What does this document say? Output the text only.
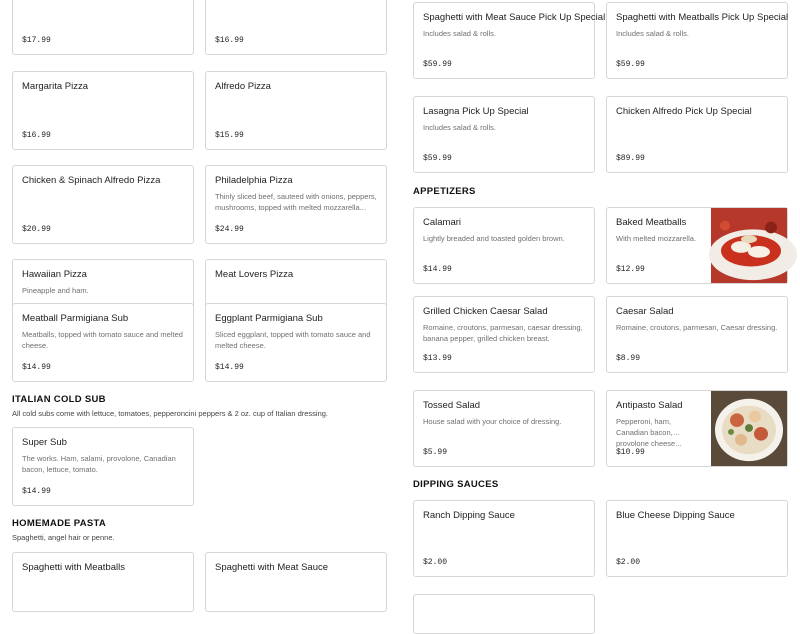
$17.99	$16.99
Margarita Pizza
$16.99
Alfredo Pizza
$15.99
Chicken & Spinach Alfredo Pizza
$20.99
Philadelphia Pizza
Thinly sliced beef, sauteed with onions, peppers, mushrooms, topped with melted mozzarella...
$24.99
Hawaiian Pizza
Pineapple and ham.
Meat Lovers Pizza
Meatball Parmigiana Sub
Meatballs, topped with tomato sauce and melted cheese.
$14.99
Eggplant Parmigiana Sub
Sliced eggplant, topped with tomato sauce and melted cheese.
$14.99
ITALIAN COLD SUB
All cold subs come with lettuce, tomatoes, pepperoncini peppers & 2 oz. cup of Italian dressing.
Super Sub
The works. Ham, salami, provolone, Canadian bacon, lettuce, tomato.
$14.99
HOMEMADE PASTA
Spaghetti, angel hair or penne.
Spaghetti with Meatballs	Spaghetti with Meat Sauce
Spaghetti with Meat Sauce Pick Up Special
Includes salad & rolls.
$59.99
Spaghetti with Meatballs Pick Up Special
Includes salad & rolls.
$59.99
Lasagna Pick Up Special
Includes salad & rolls.
$59.99
Chicken Alfredo Pick Up Special
$89.99
APPETIZERS
Calamari
Lightly breaded and toasted golden brown.
$14.99
Baked Meatballs
With melted mozzarella.
$12.99
Grilled Chicken Caesar Salad
Romaine, croutons, parmesan, caesar dressing, banana pepper, grilled chicken breast.
$13.99
Caesar Salad
Romaine, croutons, parmesan, Caesar dressing.
$8.99
Tossed Salad
House salad with your choice of dressing.
$5.99
Antipasto Salad
Pepperoni, ham, Canadian bacon, provolone cheese...
$10.99
DIPPING SAUCES
Ranch Dipping Sauce
$2.00
Blue Cheese Dipping Sauce
$2.00
